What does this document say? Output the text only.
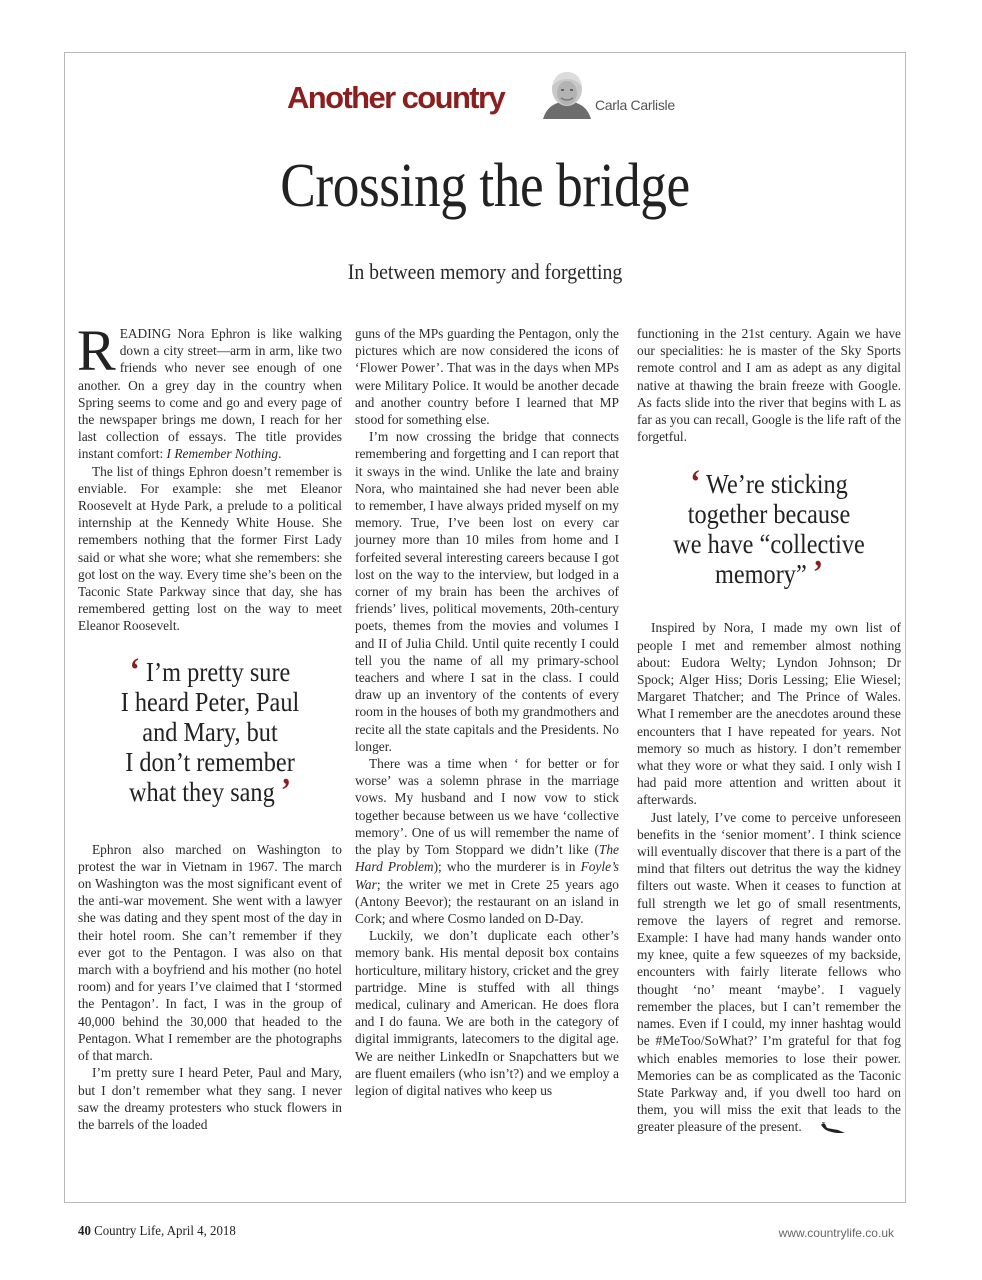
Another country	Carla Carlisle
Crossing the bridge
In between memory and forgetting

READING Nora Ephron is like walking down a city street—arm in arm, like two friends who never see enough of one another. On a grey day in the country when Spring seems to come and go and every page of the newspaper brings me down, I reach for her last collection of essays. The title provides instant comfort: I Remember Nothing.

The list of things Ephron doesn’t remember is enviable. For example: she met Eleanor Roosevelt at Hyde Park, a prelude to a political internship at the Kennedy White House. She remembers nothing that the former First Lady said or what she wore; what she remembers: she got lost on the way. Every time she’s been on the Taconic State Parkway since that day, she has remembered getting lost on the way to meet Eleanor Roosevelt.

‘ I’m pretty sure
I heard Peter, Paul
and Mary, but
I don’t remember
what they sang ’

Ephron also marched on Washington to protest the war in Vietnam in 1967. The march on Washington was the most significant event of the anti-war movement. She went with a lawyer she was dating and they spent most of the day in their hotel room. She can’t remember if they ever got to the Pentagon. I was also on that march with a boyfriend and his mother (no hotel room) and for years I’ve claimed that I ‘stormed the Pentagon’. In fact, I was in the group of 40,000 behind the 30,000 that headed to the Pentagon. What I remember are the photographs of that march.

I’m pretty sure I heard Peter, Paul and Mary, but I don’t remember what they sang. I never saw the dreamy protesters who stuck flowers in the barrels of the loaded

guns of the MPs guarding the Pentagon, only the pictures which are now considered the icons of ‘Flower Power’. That was in the days when MPs were Military Police. It would be another decade and another country before I learned that MP stood for something else.

I’m now crossing the bridge that connects remembering and forgetting and I can report that it sways in the wind. Unlike the late and brainy Nora, who maintained she had never been able to remember, I have always prided myself on my memory. True, I’ve been lost on every car journey more than 10 miles from home and I forfeited several interesting careers because I got lost on the way to the interview, but lodged in a corner of my brain has been the archives of friends’ lives, political movements, 20th-century poets, themes from the movies and volumes I and II of Julia Child. Until quite recently I could tell you the name of all my primary-school teachers and where I sat in the class. I could draw up an inventory of the contents of every room in the houses of both my grandmothers and recite all the state capitals and the Presidents. No longer.

There was a time when ‘ for better or for worse’ was a solemn phrase in the marriage vows. My husband and I now vow to stick together because between us we have ‘collective memory’. One of us will remember the name of the play by Tom Stoppard we didn’t like (The Hard Problem); who the murderer is in Foyle’s War; the writer we met in Crete 25 years ago (Antony Beevor); the restaurant on an island in Cork; and where Cosmo landed on D-Day.

Luckily, we don’t duplicate each other’s memory bank. His mental deposit box contains horticulture, military history, cricket and the grey partridge. Mine is stuffed with all things medical, culinary and American. He does flora and I do fauna. We are both in the category of digital immigrants, latecomers to the digital age. We are neither LinkedIn or Snapchatters but we are fluent emailers (who isn’t?) and we employ a legion of digital natives who keep us

functioning in the 21st century. Again we have our specialities: he is master of the Sky Sports remote control and I am as adept as any digital native at thawing the brain freeze with Google. As facts slide into the river that begins with L as far as you can recall, Google is the life raft of the forgetful.

‘ We’re sticking
together because
we have “collective
memory” ’

Inspired by Nora, I made my own list of people I met and remember almost nothing about: Eudora Welty; Lyndon Johnson; Dr Spock; Alger Hiss; Doris Lessing; Elie Wiesel; Margaret Thatcher; and The Prince of Wales. What I remember are the anecdotes around these encounters that I have repeated for years. Not memory so much as history. I don’t remember what they wore or what they said. I only wish I had paid more attention and written about it afterwards.

Just lately, I’ve come to perceive unforeseen benefits in the ‘senior moment’. I think science will eventually discover that there is a part of the mind that filters out detritus the way the kidney filters out waste. When it ceases to function at full strength we let go of small resentments, remove the layers of regret and remorse. Example: I have had many hands wander onto my knee, quite a few squeezes of my backside, encounters with fairly literate fellows who thought ‘no’ meant ‘maybe’. I vaguely remember the places, but I can’t remember the names. Even if I could, my inner hashtag would be #MeToo/SoWhat?’ I’m grateful for that fog which enables memories to lose their power. Memories can be as complicated as the Taconic State Parkway and, if you dwell too hard on them, you will miss the exit that leads to the greater pleasure of the present.

40 Country Life, April 4, 2018	www.countrylife.co.uk
